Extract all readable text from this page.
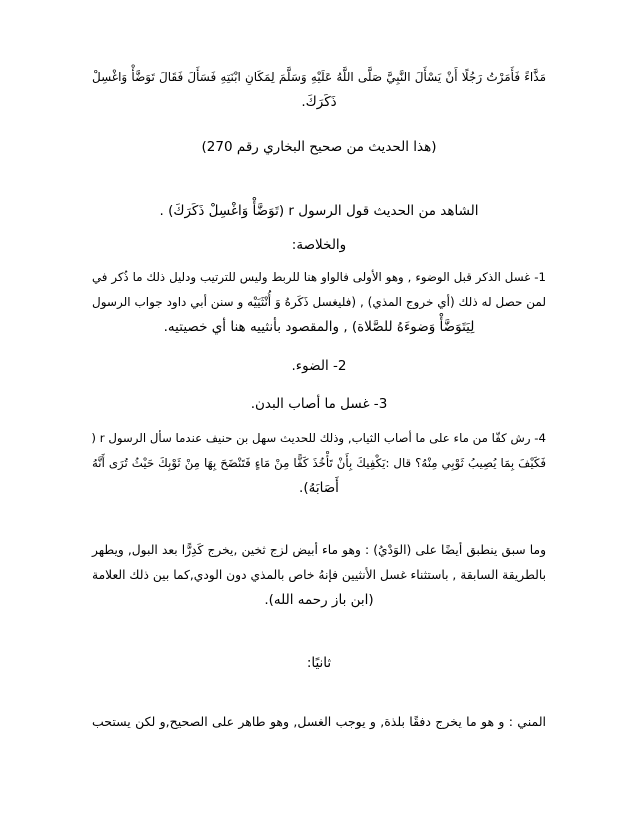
مَذَّاءً فَأَمَرْتُ رَجُلًا أَنْ يَسْأَلَ النَّبِيَّ صَلَّى اللَّهُ عَلَيْهِ وَسَلَّمَ لِمَكَانِ ابْنَتِهِ فَسَأَلَ فَقَالَ تَوَضَّأْ وَاغْسِلْ
ذَكَرَكَ.
(هذا الحديث من صحيح البخاري رقم 270)
الشاهد من الحديث قول الرسول r (تَوَضَّأْ وَاغْسِلْ ذَكَرَكَ) .
والخلاصة:
1- غسل الذكر قبل الوضوء , وهو الأولى فالواو هنا للربط وليس للترتيب ودليل ذلك ما ذُكر في
لمن حصل له ذلك (أي خروج المذي) , (فليغسل ذَكَرهُ وَ أُنْثَيَيْه و سنن أبي داود جواب الرسول
لِيَتَوَضَّأْ وَضوءَهُ للصَّلاة) , والمقصود بأنثييه هنا أي خصيتيه.
2- الضوء.
3- غسل ما أصاب البدن.
4- رش كفّا من ماء على ما أصاب الثياب, وذلك للحديث سهل بن حنيف عندما سأل الرسول r (
فَكَيْفَ بِمَا يُصِيبُ ثَوْبِي مِنْهُ؟ قال :يَكْفِيكَ بِأَنْ تَأْخُذَ كَفًّا مِنْ مَاءٍ فَتَنْضَحَ بِهَا مِنْ ثَوْبِكَ حَيْثُ تُرَى أَنَّهُ
أَصَابَهُ).
وما سبق ينطبق أيضًا على (الوَدْيُ) : وهو ماء أبيض لزج ثخين ,يخرج كَدِرًّا بعد البول, ويطهر
بالطريقة السابقة , باستثناء غسل الأنثيين فإنهُ خاص بالمذي دون الودي,كما بين ذلك العلامة
(ابن باز رحمه الله).
ثانيًا:
المني : و هو ما يخرج دفقًا بلذة, و يوجب الغسل, وهو طاهر على الصحيح,و لكن يستحب
